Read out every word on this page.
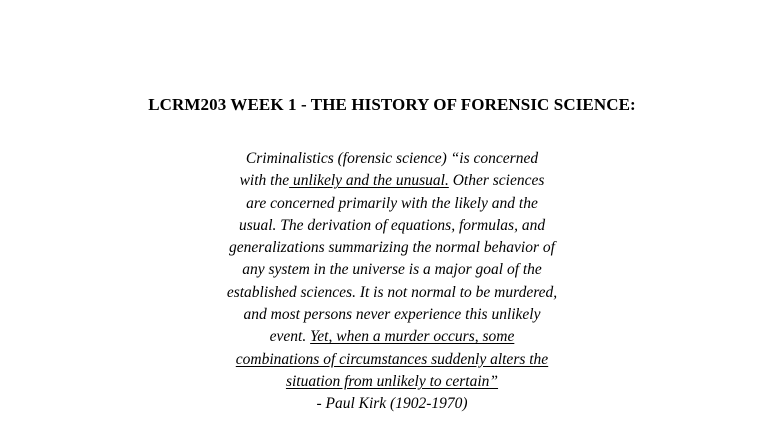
LCRM203 WEEK 1 - THE HISTORY OF FORENSIC SCIENCE:
Criminalistics (forensic science) “is concerned
with the unlikely and the unusual. Other sciences
are concerned primarily with the likely and the
usual. The derivation of equations, formulas, and
generalizations summarizing the normal behavior of
any system in the universe is a major goal of the
established sciences. It is not normal to be murdered,
and most persons never experience this unlikely
event. Yet, when a murder occurs, some
combinations of circumstances suddenly alters the
situation from unlikely to certain”
- Paul Kirk (1902-1970)
